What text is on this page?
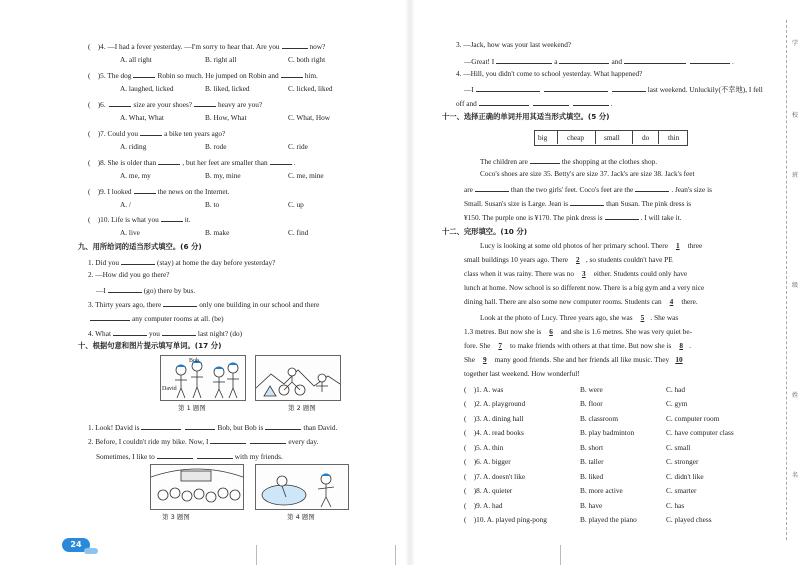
(    )4. —I had a fever yesterday. —I'm sorry to hear that. Are you	now?
A. all right	B. right all	C. both right
(    )5. The dog	Robin so much. He jumped on Robin and	him.
A. laughed, licked	B. liked, licked	C. licked, liked
(    )6.	size are your shoes?	heavy are you?
A. What, What	B. How, What	C. What, How
(    )7. Could you	a bike ten years ago?
A. riding	B. rode	C. ride
(    )8. She is older than	, but her feet are smaller than	.
A. me, my	B. my, mine	C. me, mine
(    )9. I looked	the news on the Internet.
A. /	B. to	C. up
(    )10. Life is what you	it.
A. live	B. make	C. find
九、用所给词的适当形式填空。(6 分)
1. Did you	(stay) at home the day before yesterday?
2. —How did you go there?
—I	(go) there by bus.
3. Thirty years ago, there	only one building in our school and there
any computer rooms at all. (be)
4. What	you	last night? (do)
十、根据句意和图片提示填写单词。(17 分)
Bob
David
第 1 题图	第 2 题图
1. Look! David is	Bob, but Bob is	than David.
2. Before, I couldn't ride my bike. Now, I	every day.
Sometimes, I like to	with my friends.
第 3 题图	第 4 题图
24
3. —Jack, how was your last weekend?
—Great! I	a	and	.
4. —Hill, you didn't come to school yesterday. What happened?
—I	last weekend. Unluckily(不幸地), I fell
off and	.
十一、选择正确的单词并用其适当形式填空。(5 分)
big	cheap	small	do	thin
The children are	the shopping at the clothes shop.
Coco's shoes are size 35. Betty's are size 37. Jack's are size 38. Jack's feet
are	than the two girls' feet. Coco's feet are the	. Jean's size is
Small. Susan's size is Large. Jean is	than Susan. The pink dress is
¥150. The purple one is ¥170. The pink dress is	. I will take it.
十二、完形填空。(10 分)
Lucy is looking at some old photos of her primary school. There 1 three
small buildings 10 years ago. There 2 , so students couldn't have PE
class when it was rainy. There was no 3 either. Students could only have
lunch at home. Now school is so different now. There is a big gym and a very nice
dining hall. There are also some new computer rooms. Students can 4 there.
Look at the photo of Lucy. Three years ago, she was 5 . She was
1.3 metres. But now she is 6 and she is 1.6 metres. She was very quiet be-
fore. She 7 to make friends with others at that time. But now she is 8 .
She 9 many good friends. She and her friends all like music. They 10
together last weekend. How wonderful!
(    )1. A. was	B. were	C. had
(    )2. A. playground	B. floor	C. gym
(    )3. A. dining hall	B. classroom	C. computer room
(    )4. A. read books	B. play badminton	C. have computer class
(    )5. A. thin	B. short	C. small
(    )6. A. bigger	B. taller	C. stronger
(    )7. A. doesn't like	B. liked	C. didn't like
(    )8. A. quieter	B. more active	C. smarter
(    )9. A. had	B. have	C. has
(    )10. A. played ping-pong	B. played the piano	C. played chess
学
校
班
级
姓
名
